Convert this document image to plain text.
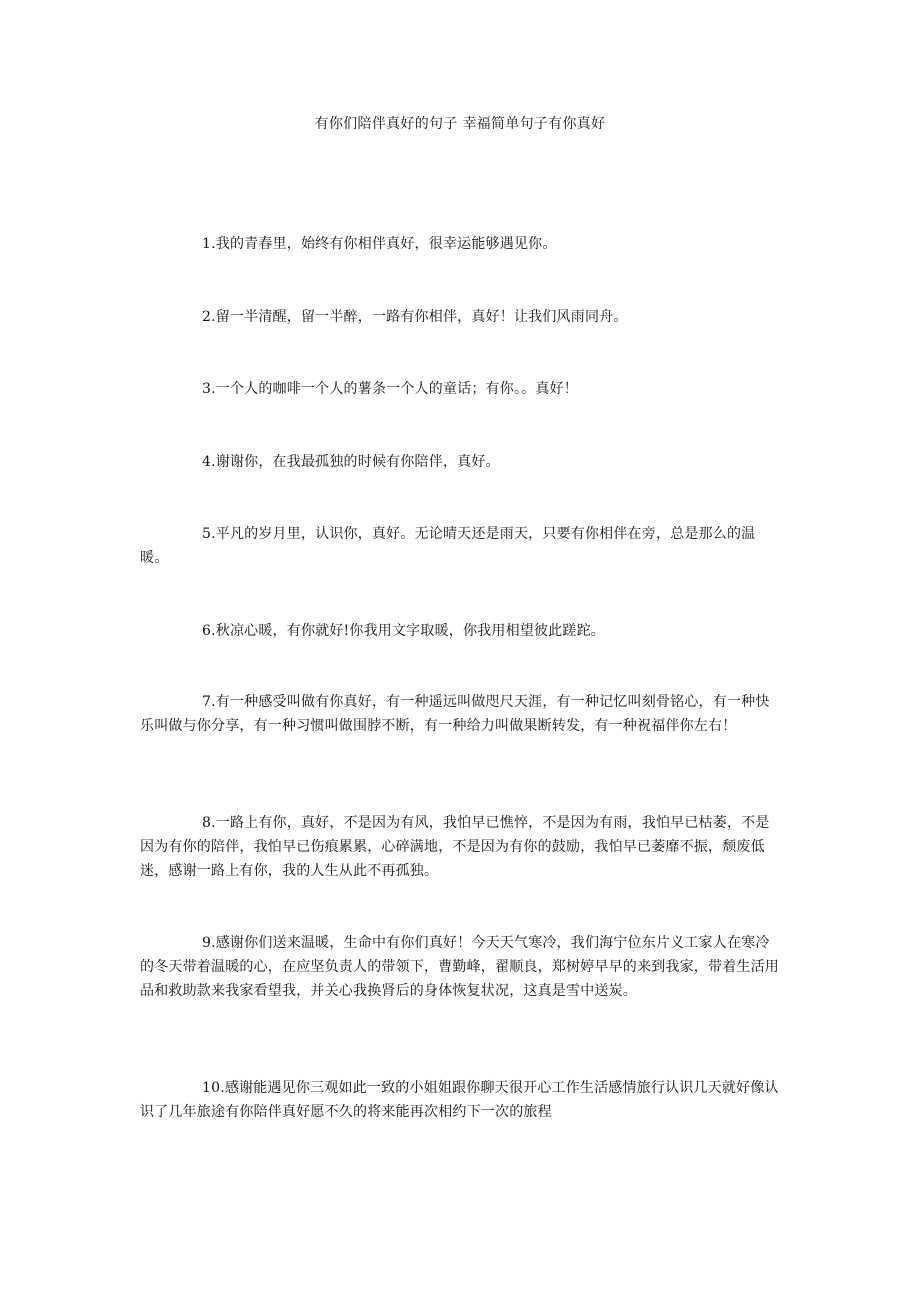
有你们陪伴真好的句子 幸福简单句子有你真好

1.我的青春里，始终有你相伴真好，很幸运能够遇见你。

2.留一半清醒，留一半醉，一路有你相伴，真好！让我们风雨同舟。

3.一个人的咖啡一个人的薯条一个人的童话；有你。。真好！

4.谢谢你，在我最孤独的时候有你陪伴，真好。

5.平凡的岁月里，认识你，真好。无论晴天还是雨天，只要有你相伴在旁，总是那么的温暖。

6.秋凉心暖，有你就好!你我用文字取暖，你我用相望彼此蹉跎。

7.有一种感受叫做有你真好，有一种遥远叫做咫尺天涯，有一种记忆叫刻骨铭心，有一种快乐叫做与你分享，有一种习惯叫做围脖不断，有一种给力叫做果断转发，有一种祝福伴你左右！

8.一路上有你，真好，不是因为有风，我怕早已憔悴，不是因为有雨，我怕早已枯萎，不是因为有你的陪伴，我怕早已伤痕累累，心碎满地，不是因为有你的鼓励，我怕早已萎靡不振，颓废低迷，感谢一路上有你，我的人生从此不再孤独。

9.感谢你们送来温暖，生命中有你们真好！今天天气寒冷，我们海宁位东片义工家人在寒冷的冬天带着温暖的心，在应坚负责人的带领下，曹勤峰，翟顺良，郑树婷早早的来到我家，带着生活用品和救助款来我家看望我，并关心我换肾后的身体恢复状况，这真是雪中送炭。

10.感谢能遇见你三观如此一致的小姐姐跟你聊天很开心工作生活感情旅行认识几天就好像认识了几年旅途有你陪伴真好愿不久的将来能再次相约下一次的旅程
